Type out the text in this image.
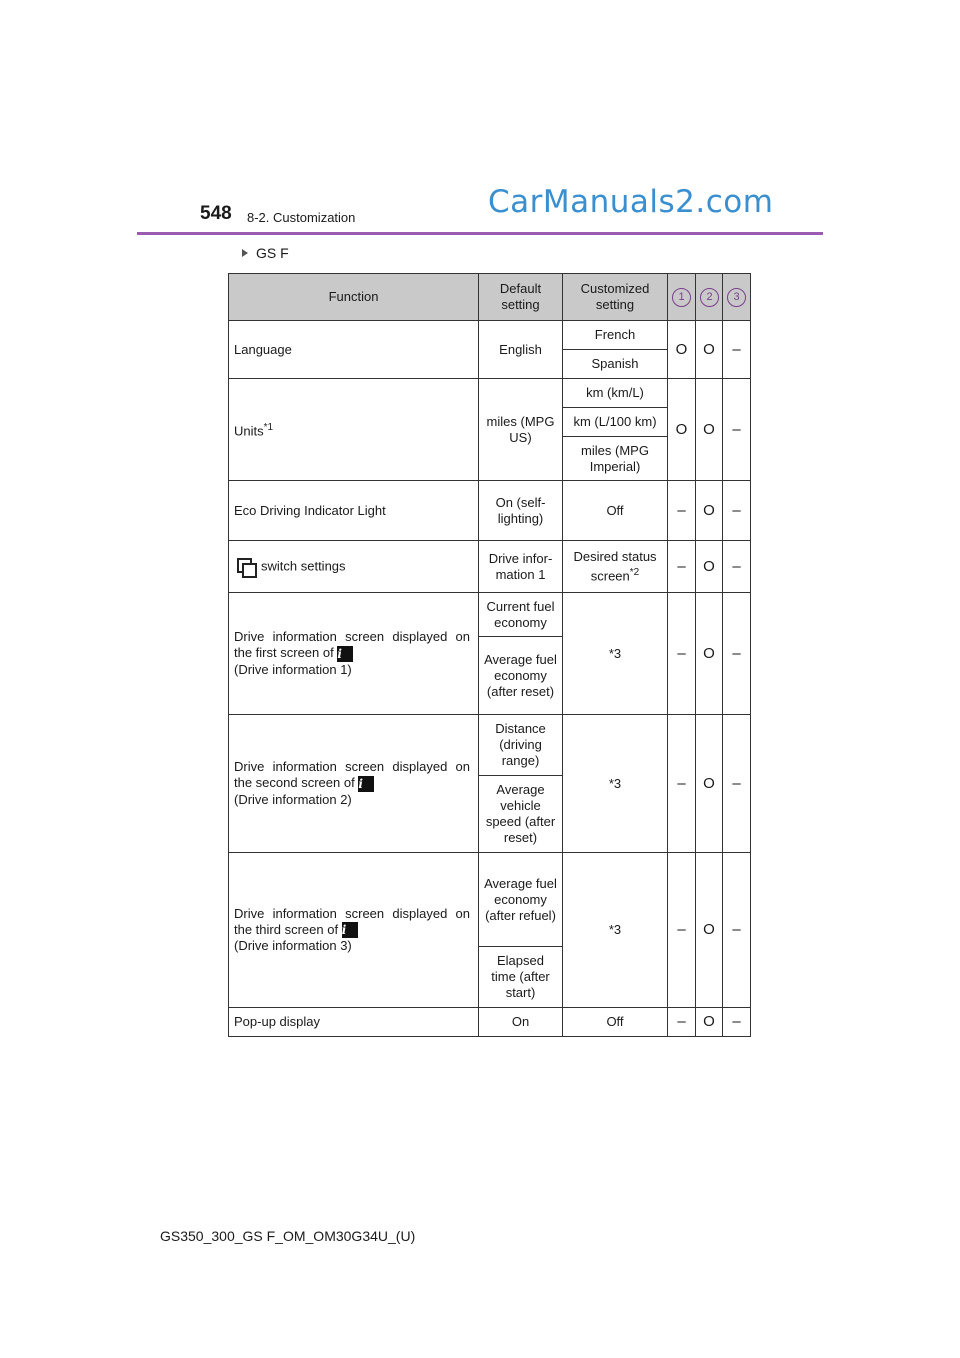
548 8-2. Customization	CarManuals2.com
GS F
Function	Default setting	Customized setting	1	2	3
Language	English	French	O	O	–
		Spanish			
Units$^{*1}$	miles (MPG US)	km (km/L)	O	O	–
		km (L/100 km)			
		miles (MPG Imperial)			
Eco Driving Indicator Light	On (self-lighting)	Off	–	O	–

switch settings	Drive infor-mation 1	Desired status screen$^{*2}$	–	O	–
Drive information screen displayed on the first screen of i
(Drive information 1)	Current fuel economy	*3	–	O	–
	Average fuel economy (after reset)				
Drive information screen displayed on the second screen of i
(Drive information 2)	Distance (driving range)	*3	–	O	–
	Average vehicle speed (after reset)				
Drive information screen displayed on the third screen of i
(Drive information 3)	Average fuel economy (after refuel)	*3	–	O	–
	Elapsed time (after start)				
Pop-up display	On	Off	–	O	–
GS350_300_GS F_OM_OM30G34U_(U)
